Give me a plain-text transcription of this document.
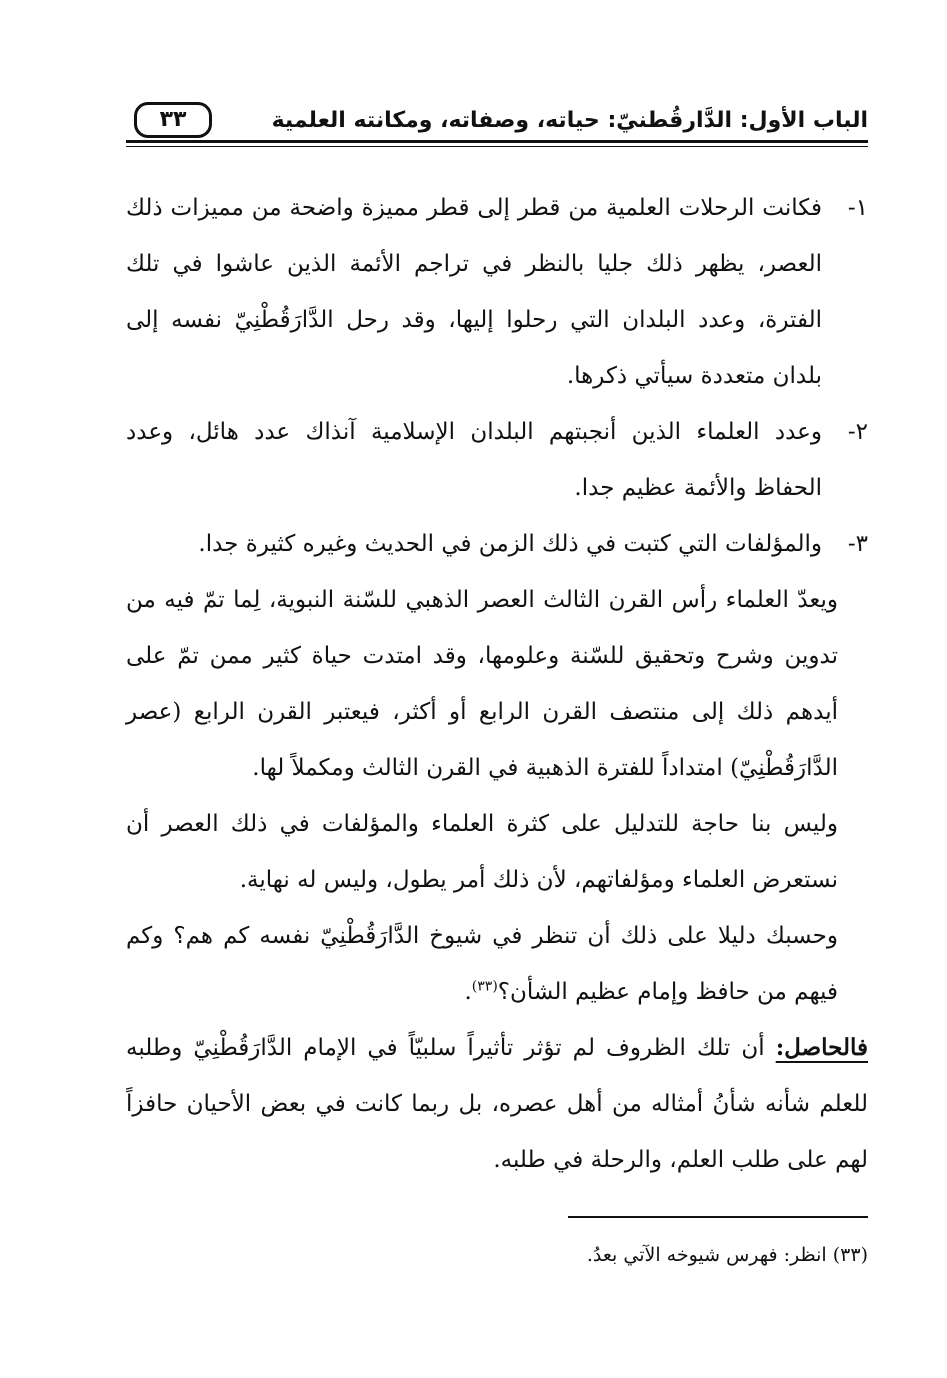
الباب الأول: الدَّارقُطنيّ: حياته، وصفاته، ومكانته العلمية
٣٣

١-
فكانت الرحلات العلمية من قطر إلى قطر مميزة واضحة من مميزات ذلك العصر، يظهر ذلك جليا بالنظر في تراجم الأئمة الذين عاشوا في تلك الفترة، وعدد البلدان التي رحلوا إليها، وقد رحل الدَّارَقُطْنِيّ نفسه إلى بلدان متعددة سيأتي ذكرها.

٢-
وعدد العلماء الذين أنجبتهم البلدان الإسلامية آنذاك عدد هائل، وعدد الحفاظ والأئمة عظيم جدا.

٣-
والمؤلفات التي كتبت في ذلك الزمن في الحديث وغيره كثيرة جدا.

ويعدّ العلماء رأس القرن الثالث العصر الذهبي للسّنة النبوية، لِما تمّ فيه من تدوين وشرح وتحقيق للسّنة وعلومها، وقد امتدت حياة كثير ممن تمّ على أيدهم ذلك إلى منتصف القرن الرابع أو أكثر، فيعتبر القرن الرابع (عصر الدَّارَقُطْنِيّ) امتداداً للفترة الذهبية في القرن الثالث ومكملاً لها.

وليس بنا حاجة للتدليل على كثرة العلماء والمؤلفات في ذلك العصر أن نستعرض العلماء ومؤلفاتهم، لأن ذلك أمر يطول، وليس له نهاية.

وحسبك دليلا على ذلك أن تنظر في شيوخ الدَّارَقُطْنِيّ نفسه كم هم؟ وكم فيهم من حافظ وإمام عظيم الشأن؟$^{(٣٣)}$.

فالحاصل: أن تلك الظروف لم تؤثر تأثيراً سلبيّاً في الإمام الدَّارَقُطْنِيّ وطلبه للعلم شأنه شأنُ أمثاله من أهل عصره، بل ربما كانت في بعض الأحيان حافزاً لهم على طلب العلم، والرحلة في طلبه.

(٣٣) انظر: فهرس شيوخه الآتي بعدُ.
